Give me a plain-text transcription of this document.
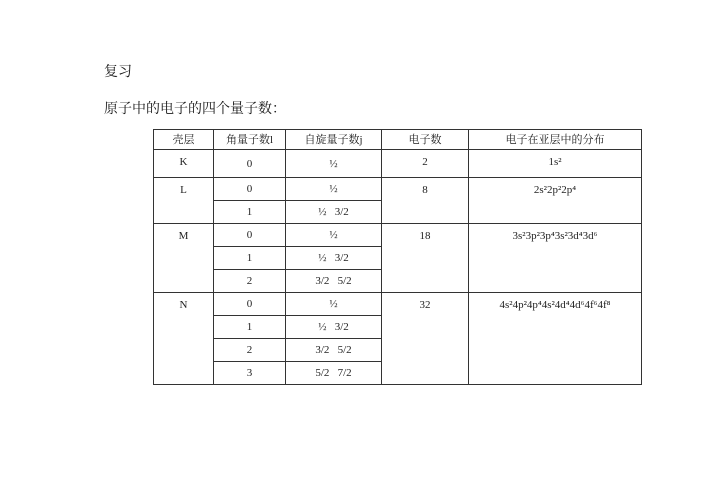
复习
原子中的电子的四个量子数：
壳层	角量子数l	自旋量子数j	电子数	电子在亚层中的分布
K	0	½	2	1s²
L	0	½	8	2s²2p²2p⁴
	1	½   3/2		
M	0	½	18	3s²3p²3p⁴3s²3d⁴3d⁶
	1	½   3/2		
	2	3/2   5/2		
N	0	½	32	4s²4p²4p⁴4s²4d⁴4d⁶4f⁶4f⁸
	1	½   3/2		
	2	3/2   5/2		
	3	5/2   7/2		
